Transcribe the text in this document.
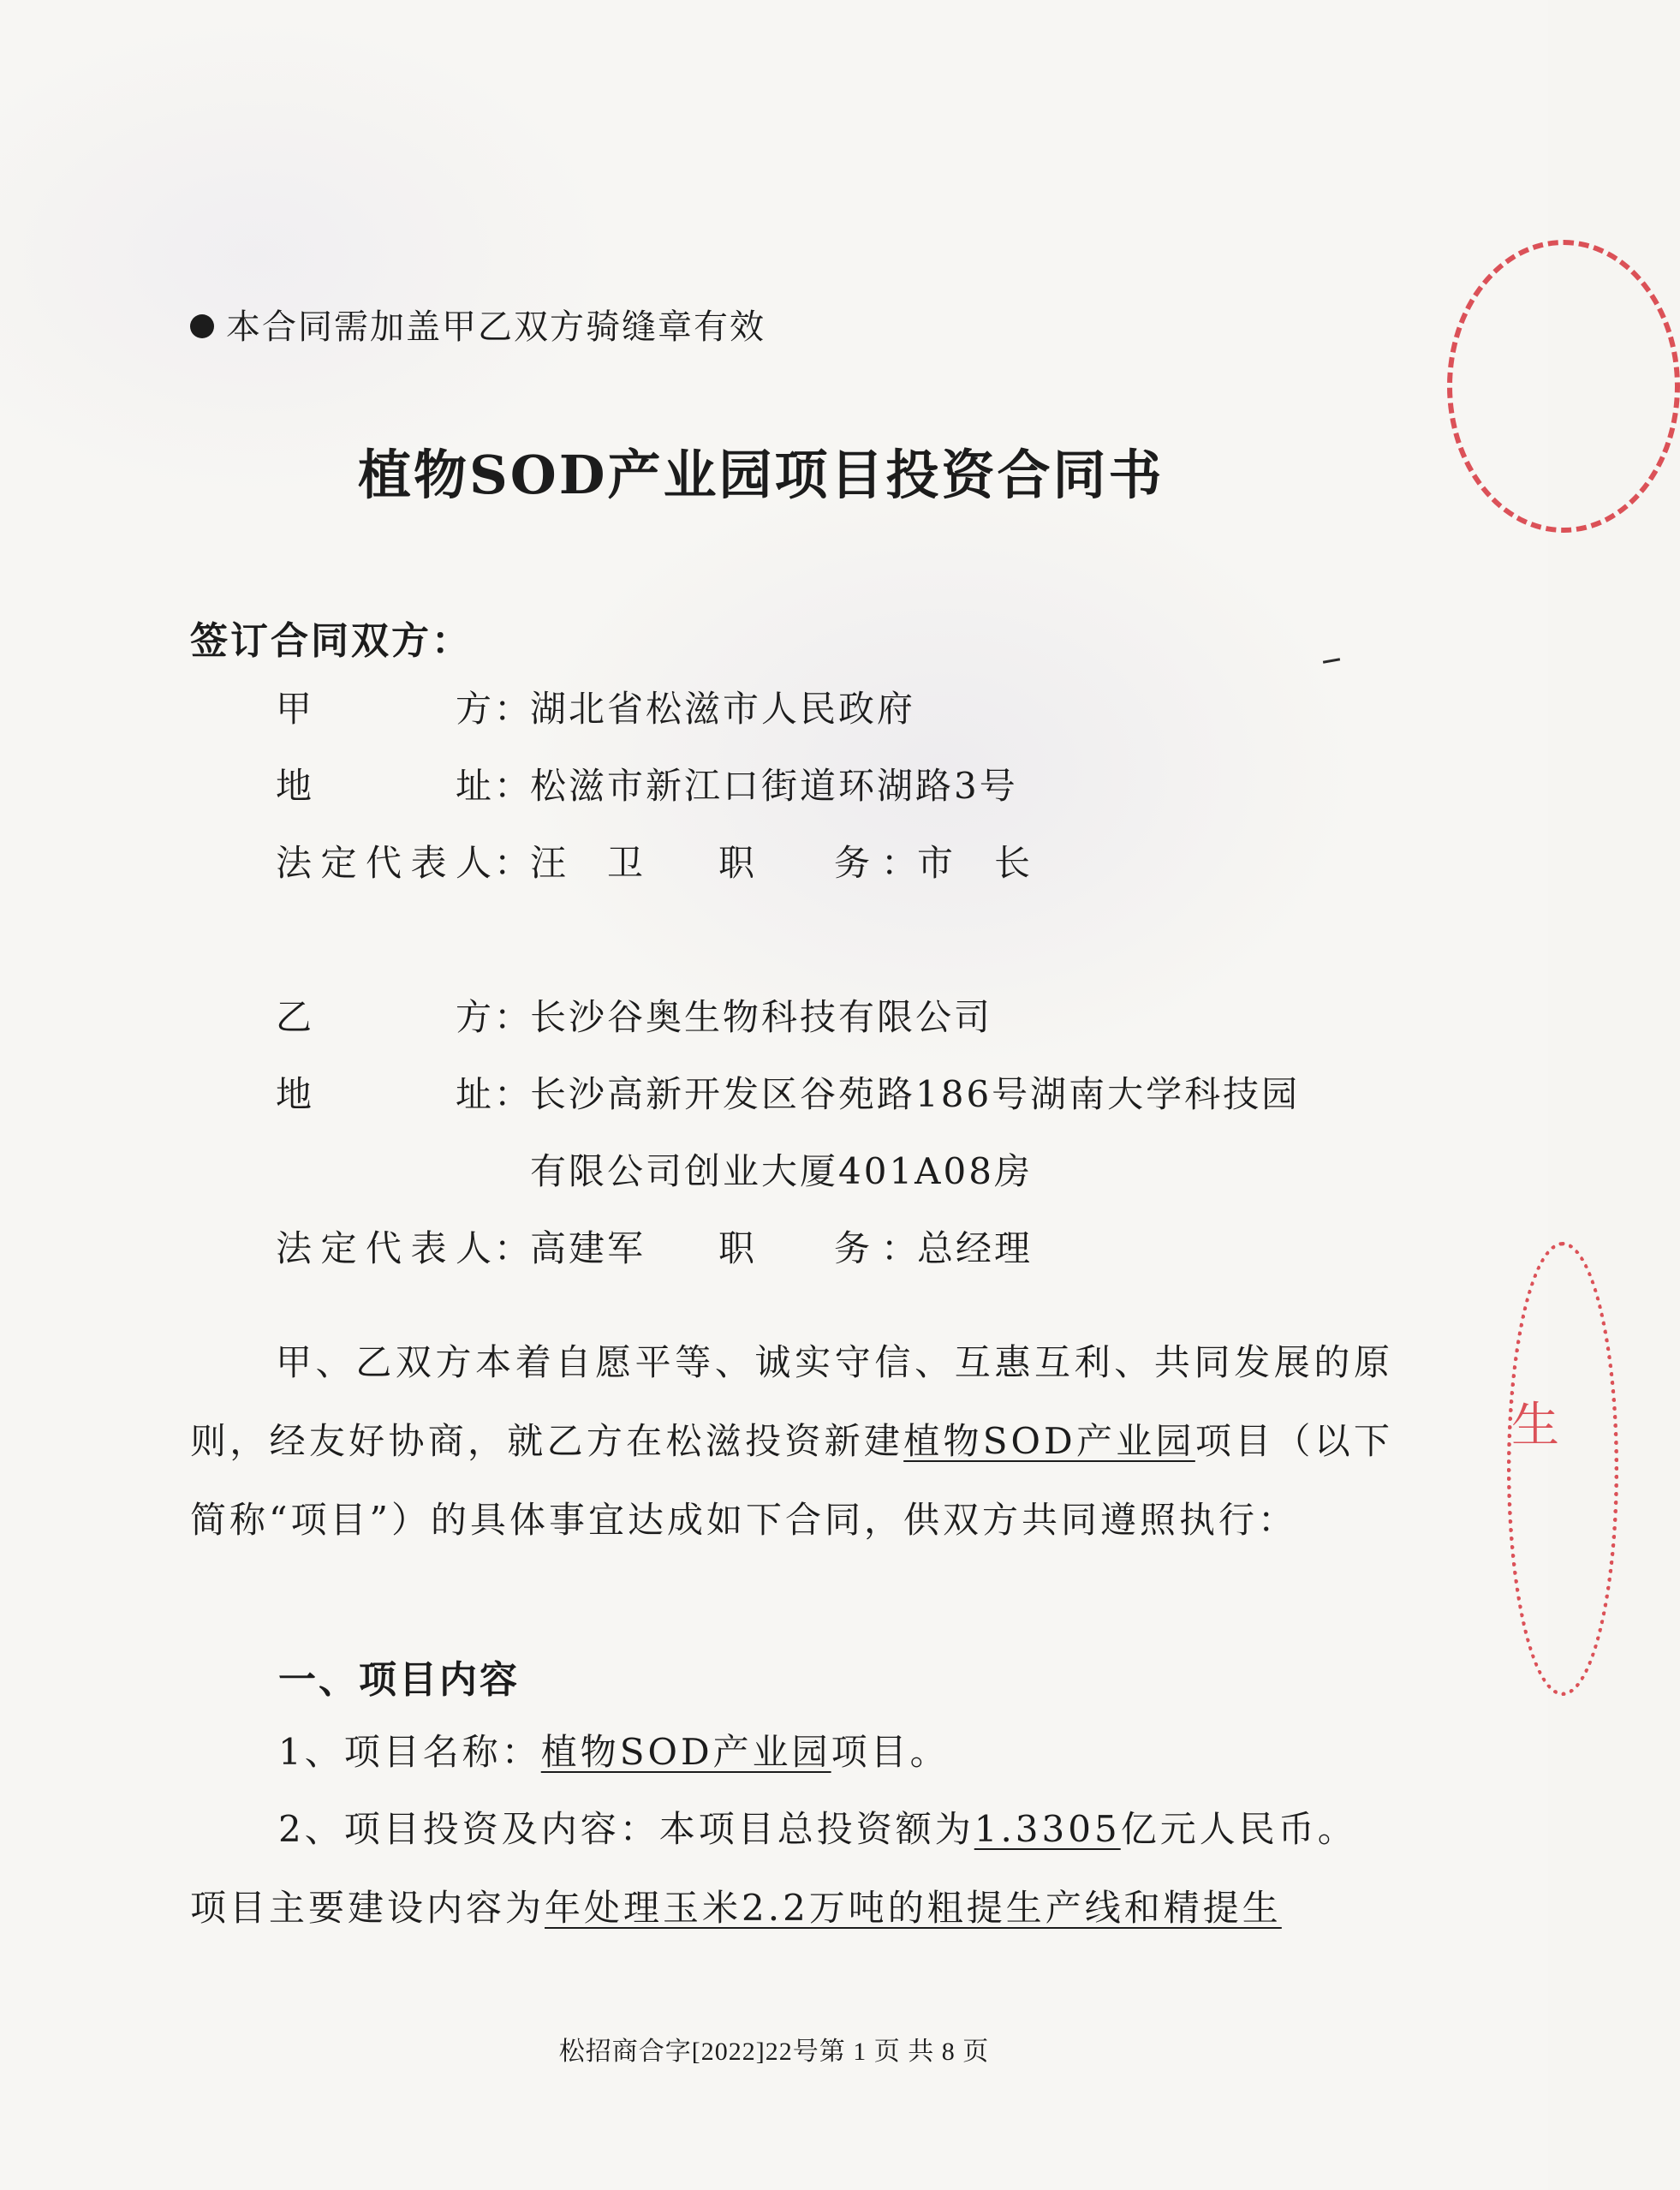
生
本合同需加盖甲乙双方骑缝章有效
植物SOD产业园项目投资合同书
签订合同双方：
甲方：湖北省松滋市人民政府
地址：松滋市新江口街道环湖路3号
法定代表人：汪　卫 职　　务 ：市　长
乙方：长沙谷奥生物科技有限公司
地址：长沙高新开发区谷苑路186号湖南大学科技园
有限公司创业大厦401A08房
法定代表人：高建军 职　　务 ：总经理
甲、乙双方本着自愿平等、诚实守信、互惠互利、共同发展的原则，经友好协商，就乙方在松滋投资新建植物SOD产业园项目（以下简称“项目”）的具体事宜达成如下合同，供双方共同遵照执行：
一、项目内容
1、项目名称：植物SOD产业园项目。
2、项目投资及内容：本项目总投资额为1.3305亿元人民币。项目主要建设内容为年处理玉米2.2万吨的粗提生产线和精提生
松招商合字[2022]22号第 1 页 共 8 页
